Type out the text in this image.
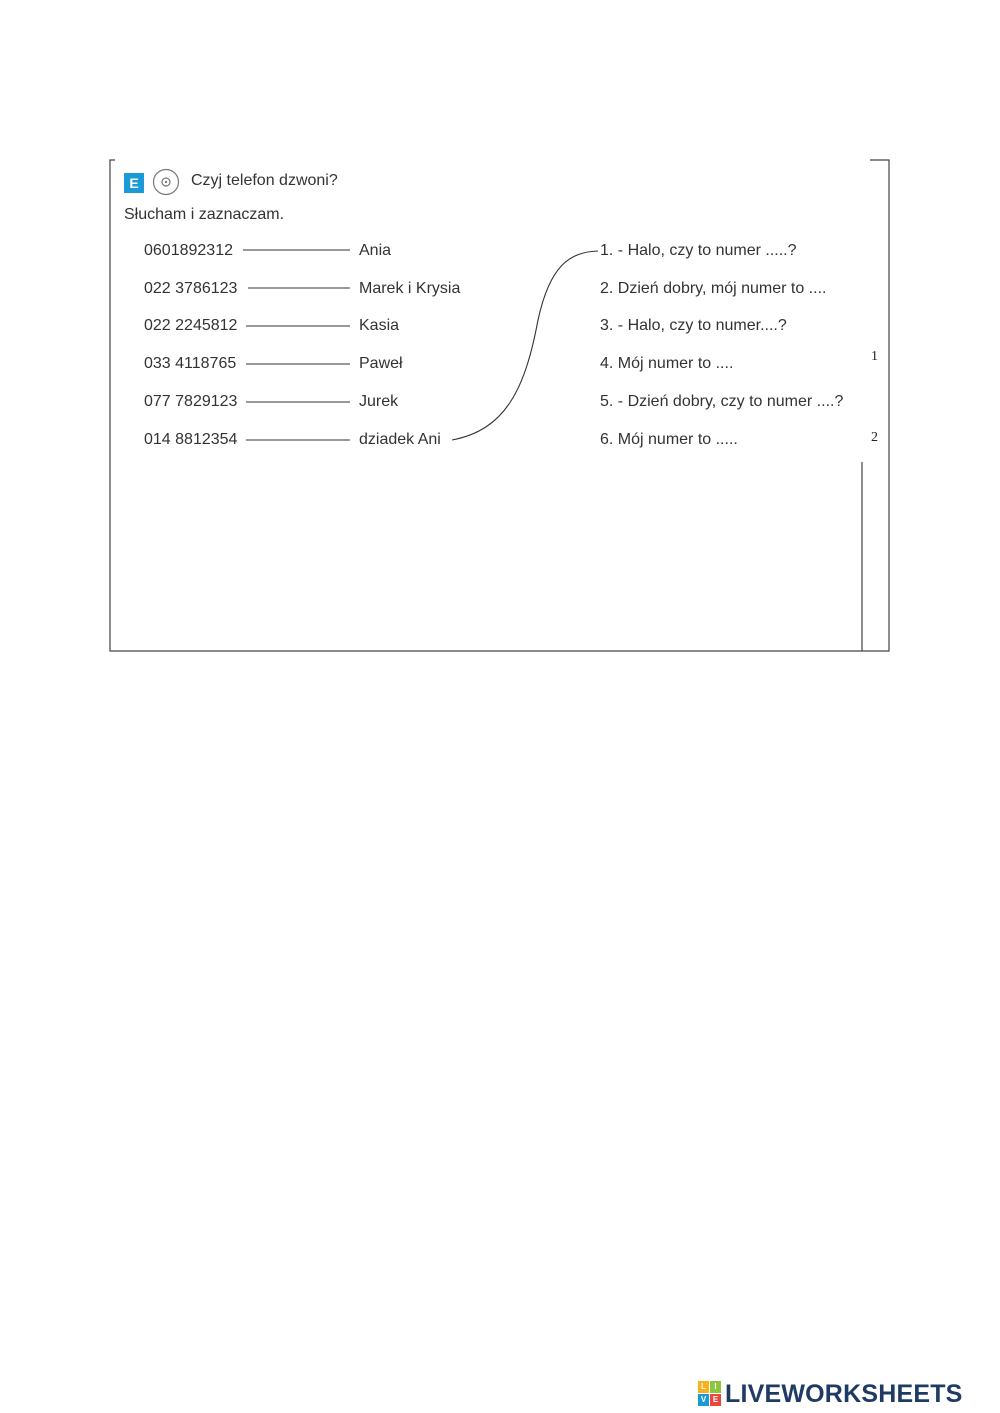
E	Czyj telefon dzwoni?
Słucham i zaznaczam.
0601892312	Ania
022 3786123	Marek i Krysia
022 2245812	Kasia
033 4118765	Paweł
077 7829123	Jurek
014 8812354	dziadek Ani
1. - Halo, czy to numer .....?
2. Dzień dobry, mój numer to ....
3. - Halo, czy to numer....?
4. Mój numer to ....
5. - Dzień dobry, czy to numer ....?
6. Mój numer to .....
1
2
L	I
V E LIVEWORKSHEETS
